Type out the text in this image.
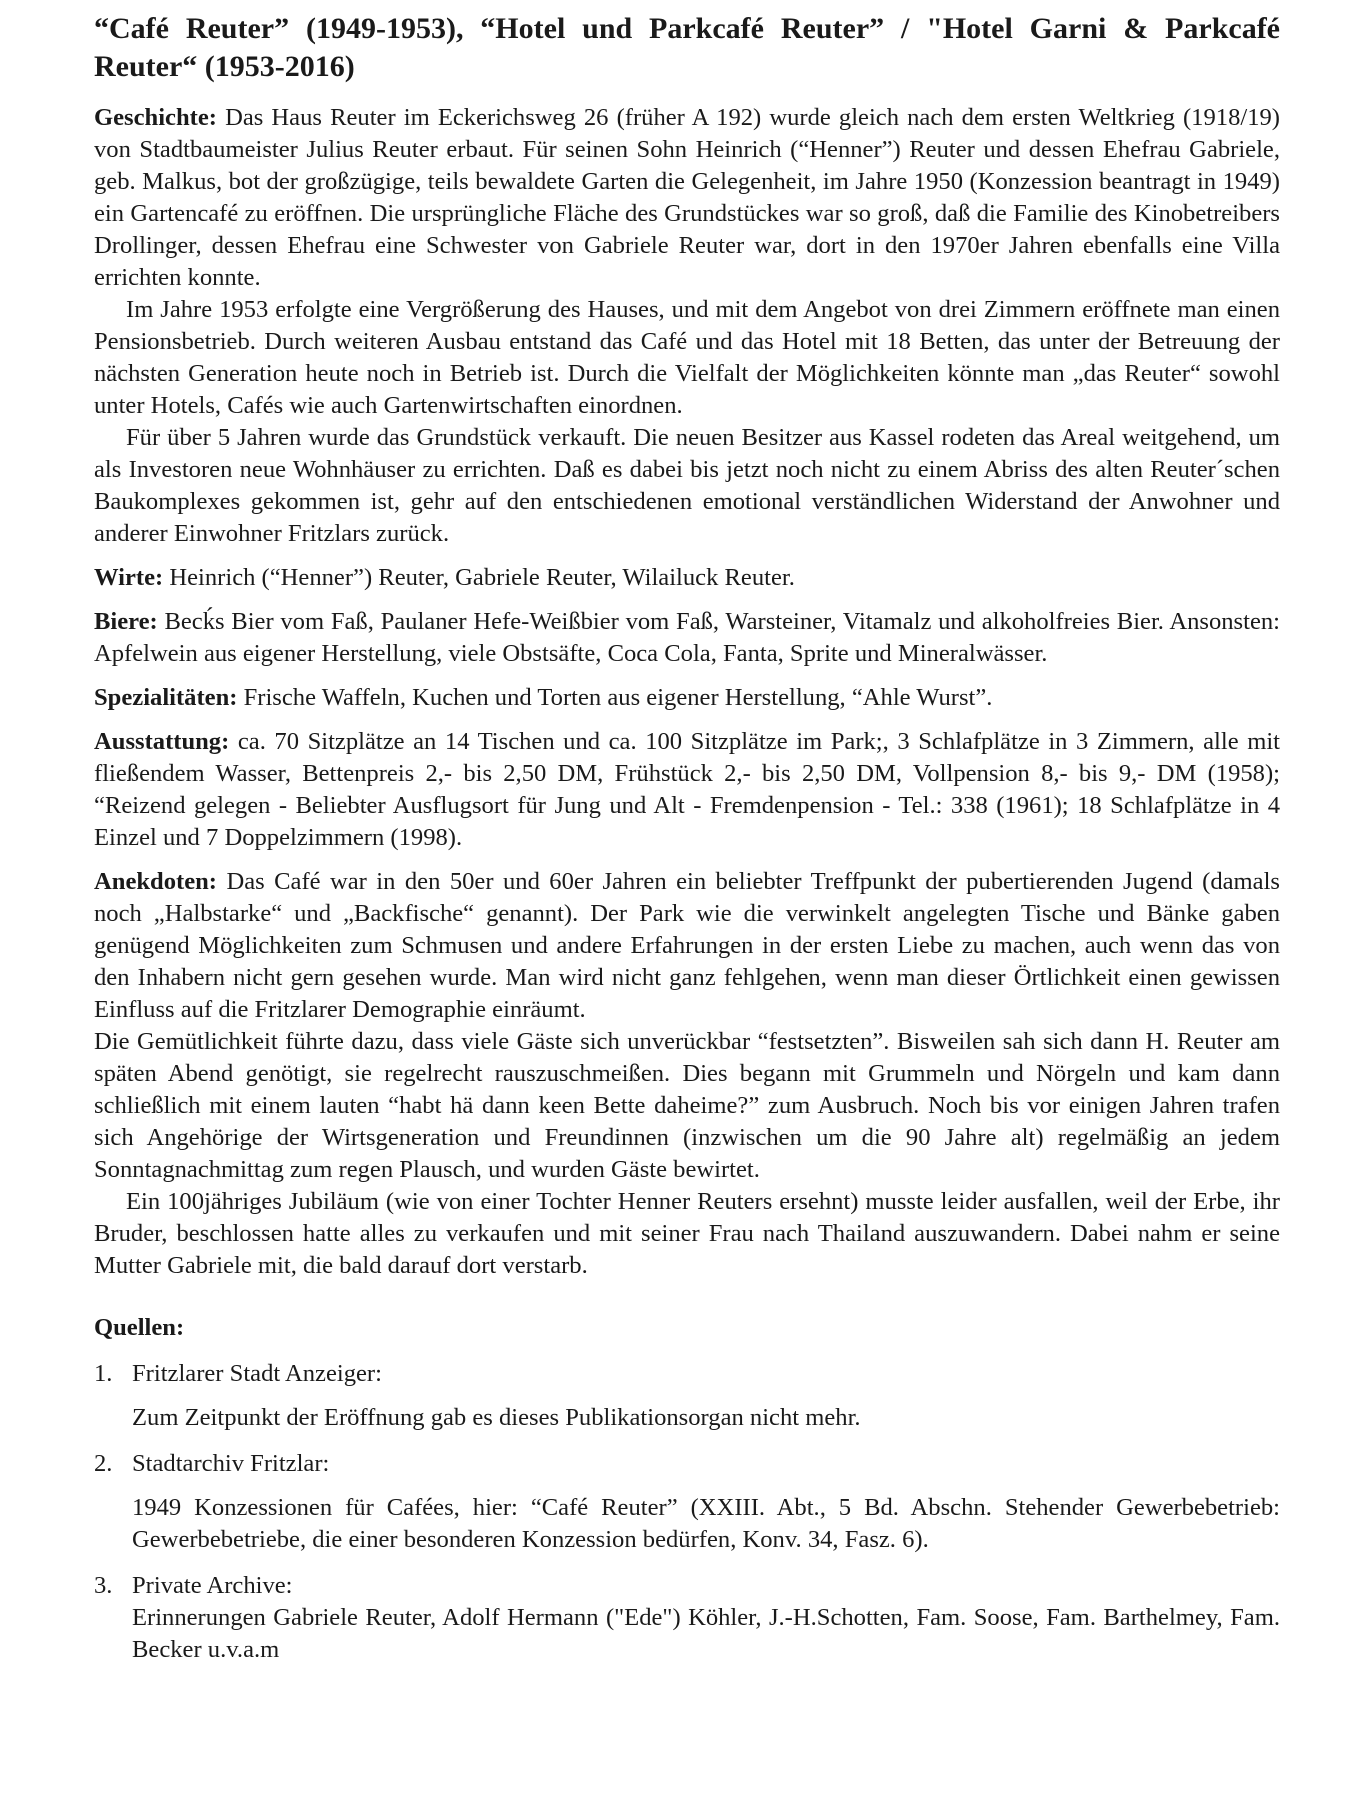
“Café Reuter” (1949-1953), “Hotel und Parkcafé Reuter” / "Hotel Garni & Parkcafé Reuter“ (1953-2016)

Geschichte: Das Haus Reuter im Eckerichsweg 26 (früher A 192) wurde gleich nach dem ersten Weltkrieg (1918/19) von Stadtbaumeister Julius Reuter erbaut. Für seinen Sohn Heinrich (“Henner”) Reuter und dessen Ehefrau Gabriele, geb. Malkus, bot der großzügige, teils bewaldete Garten die Gelegenheit, im Jahre 1950 (Konzession beantragt in 1949) ein Gartencafé zu eröffnen. Die ursprüngliche Fläche des Grundstückes war so groß, daß die Familie des Kinobetreibers Drollinger, dessen Ehefrau eine Schwester von Gabriele Reuter war, dort in den 1970er Jahren ebenfalls eine Villa errichten konnte.

Im Jahre 1953 erfolgte eine Vergrößerung des Hauses, und mit dem Angebot von drei Zimmern eröffnete man einen Pensionsbetrieb. Durch weiteren Ausbau entstand das Café und das Hotel mit 18 Betten, das unter der Betreuung der nächsten Generation heute noch in Betrieb ist. Durch die Vielfalt der Möglichkeiten könnte man „das Reuter“ sowohl unter Hotels, Cafés wie auch Gartenwirtschaften einordnen.

Für über 5 Jahren wurde das Grundstück verkauft. Die neuen Besitzer aus Kassel rodeten das Areal weitgehend, um als Investoren neue Wohnhäuser zu errichten. Daß es dabei bis jetzt noch nicht zu einem Abriss des alten Reuter´schen Baukomplexes gekommen ist, gehr auf den entschiedenen emotional verständlichen Widerstand der Anwohner und anderer Einwohner Fritzlars zurück.

Wirte: Heinrich (“Henner”) Reuter, Gabriele Reuter, Wilailuck Reuter.

Biere: Becḱs Bier vom Faß, Paulaner Hefe-Weißbier vom Faß, Warsteiner, Vitamalz und alkoholfreies Bier. Ansonsten: Apfelwein aus eigener Herstellung, viele Obstsäfte, Coca Cola, Fanta, Sprite und Mineralwässer.

Spezialitäten: Frische Waffeln, Kuchen und Torten aus eigener Herstellung, “Ahle Wurst”.

Ausstattung: ca. 70 Sitzplätze an 14 Tischen und ca. 100 Sitzplätze im Park;, 3 Schlafplätze in 3 Zimmern, alle mit fließendem Wasser, Bettenpreis 2,- bis 2,50 DM, Frühstück 2,- bis 2,50 DM, Vollpension 8,- bis 9,- DM (1958); “Reizend gelegen - Beliebter Ausflugsort für Jung und Alt - Fremdenpension - Tel.: 338 (1961); 18 Schlafplätze in 4 Einzel und 7 Doppelzimmern (1998).

Anekdoten: Das Café war in den 50er und 60er Jahren ein beliebter Treffpunkt der pubertierenden Jugend (damals noch „Halbstarke“ und „Backfische“ genannt). Der Park wie die verwinkelt angelegten Tische und Bänke gaben genügend Möglichkeiten zum Schmusen und andere Erfahrungen in der ersten Liebe zu machen, auch wenn das von den Inhabern nicht gern gesehen wurde. Man wird nicht ganz fehlgehen, wenn man dieser Örtlichkeit einen gewissen Einfluss auf die Fritzlarer Demographie einräumt.

Die Gemütlichkeit führte dazu, dass viele Gäste sich unverückbar “festsetzten”. Bisweilen sah sich dann H. Reuter am späten Abend genötigt, sie regelrecht rauszuschmeißen. Dies begann mit Grummeln und Nörgeln und kam dann schließlich mit einem lauten “habt hä dann keen Bette daheime?” zum Ausbruch. Noch bis vor einigen Jahren trafen sich Angehörige der Wirtsgeneration und Freundinnen (inzwischen um die 90 Jahre alt) regelmäßig an jedem Sonntagnachmittag zum regen Plausch, und wurden Gäste bewirtet.

Ein 100jähriges Jubiläum (wie von einer Tochter Henner Reuters ersehnt) musste leider ausfallen, weil der Erbe, ihr Bruder, beschlossen hatte alles zu verkaufen und mit seiner Frau nach Thailand auszuwandern. Dabei nahm er seine Mutter Gabriele mit, die bald darauf dort verstarb.

Quellen:
1. Fritzlarer Stadt Anzeiger:
Zum Zeitpunkt der Eröffnung gab es dieses Publikationsorgan nicht mehr.
2. Stadtarchiv Fritzlar:
1949 Konzessionen für Cafées, hier: “Café Reuter” (XXIII. Abt., 5 Bd. Abschn. Stehender Gewerbebetrieb: Gewerbebetriebe, die einer besonderen Konzession bedürfen, Konv. 34, Fasz. 6).
3. Private Archive:
Erinnerungen Gabriele Reuter, Adolf Hermann ("Ede") Köhler, J.-H.Schotten, Fam. Soose, Fam. Barthelmey, Fam. Becker u.v.a.m
